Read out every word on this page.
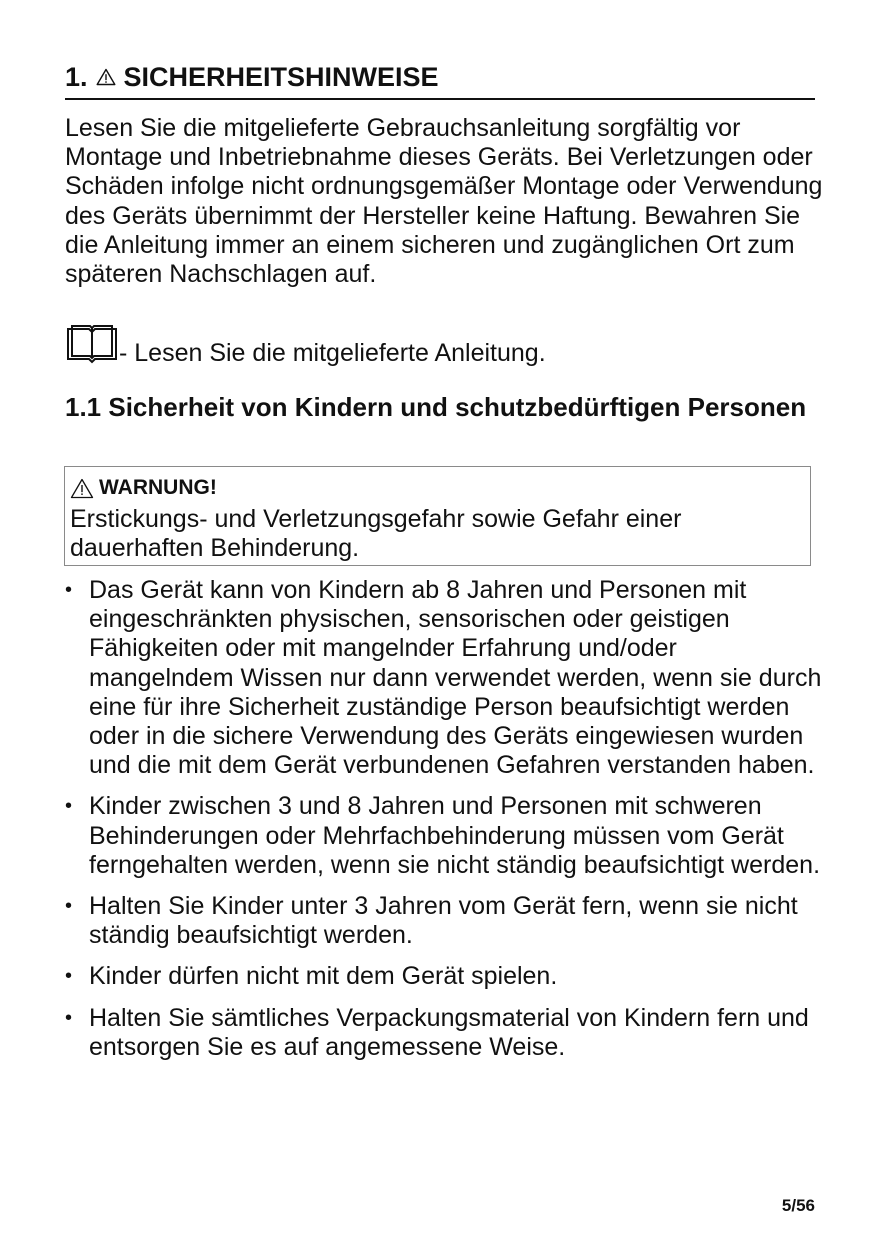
1. SICHERHEITSHINWEISE
Lesen Sie die mitgelieferte Gebrauchsanleitung sorgfältig vor Montage und Inbetriebnahme dieses Geräts. Bei Verletzungen oder Schäden infolge nicht ordnungsgemäßer Montage oder Verwendung des Geräts übernimmt der Hersteller keine Haftung. Bewahren Sie die Anleitung immer an einem sicheren und zugänglichen Ort zum späteren Nachschlagen auf.
- Lesen Sie die mitgelieferte Anleitung.
1.1 Sicherheit von Kindern und schutzbedürftigen Personen
WARNUNG!
Erstickungs- und Verletzungsgefahr sowie Gefahr einer dauerhaften Behinderung.
• Das Gerät kann von Kindern ab 8 Jahren und Personen mit eingeschränkten physischen, sensorischen oder geistigen Fähigkeiten oder mit mangelnder Erfahrung und/oder mangelndem Wissen nur dann verwendet werden, wenn sie durch eine für ihre Sicherheit zuständige Person beaufsichtigt werden oder in die sichere Verwendung des Geräts eingewiesen wurden und die mit dem Gerät verbundenen Gefahren verstanden haben.
• Kinder zwischen 3 und 8 Jahren und Personen mit schweren Behinderungen oder Mehrfachbehinderung müssen vom Gerät ferngehalten werden, wenn sie nicht ständig beaufsichtigt werden.
• Halten Sie Kinder unter 3 Jahren vom Gerät fern, wenn sie nicht ständig beaufsichtigt werden.
• Kinder dürfen nicht mit dem Gerät spielen.
• Halten Sie sämtliches Verpackungsmaterial von Kindern fern und entsorgen Sie es auf angemessene Weise.
5/56
